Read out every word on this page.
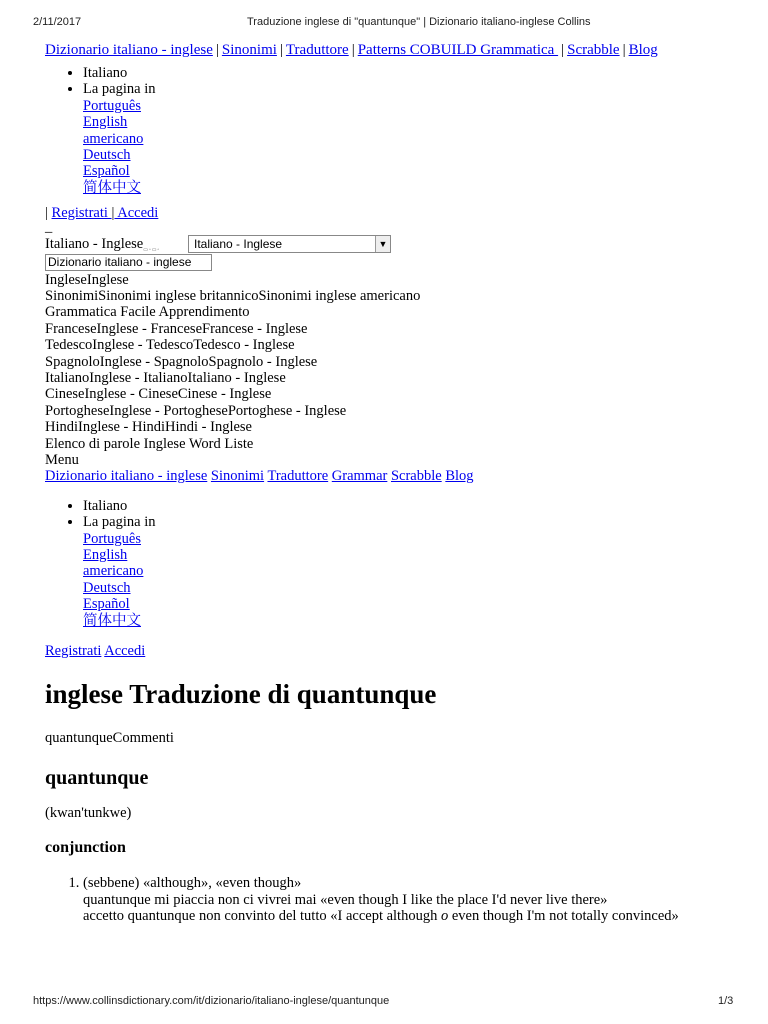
2/11/2017	Traduzione inglese di "quantunque" | Dizionario italiano-inglese Collins
Dizionario italiano - inglese | Sinonimi | Traduttore | Patterns COBUILD Grammatica | Scrabble | Blog
• Italiano
• La pagina in
Português
English
americano
Deutsch
Español
简体中文
| Registrati | Accedi
_
Italiano - Inglese▭▫▭▫	Italiano - Inglese	▼
Dizionario italiano - inglese
IngleseInglese
SinonimiSinonimi inglese britannicoSinonimi inglese americano
Grammatica Facile Apprendimento
FranceseInglese - FranceseFrancese - Inglese
TedescoInglese - TedescoTedesco - Inglese
SpagnoloInglese - SpagnoloSpagnolo - Inglese
ItalianoInglese - ItalianoItaliano - Inglese
CineseInglese - CineseCinese - Inglese
PortogheseInglese - PortoghesePortoghese - Inglese
HindiInglese - HindiHindi - Inglese
Elenco di parole Inglese Word Liste
Menu
Dizionario italiano - inglese Sinonimi Traduttore Grammar Scrabble Blog
• Italiano
• La pagina in
Português
English
americano
Deutsch
Español
简体中文
Registrati Accedi
inglese Traduzione di quantunque
quantunqueCommenti
quantunque
(kwan'tunkwe)
conjunction
1. (sebbene) «although», «even though»
quantunque mi piaccia non ci vivrei mai «even though I like the place I'd never live there»
accetto quantunque non convinto del tutto «I accept although o even though I'm not totally convinced»
https://www.collinsdictionary.com/it/dizionario/italiano-inglese/quantunque	1/3
